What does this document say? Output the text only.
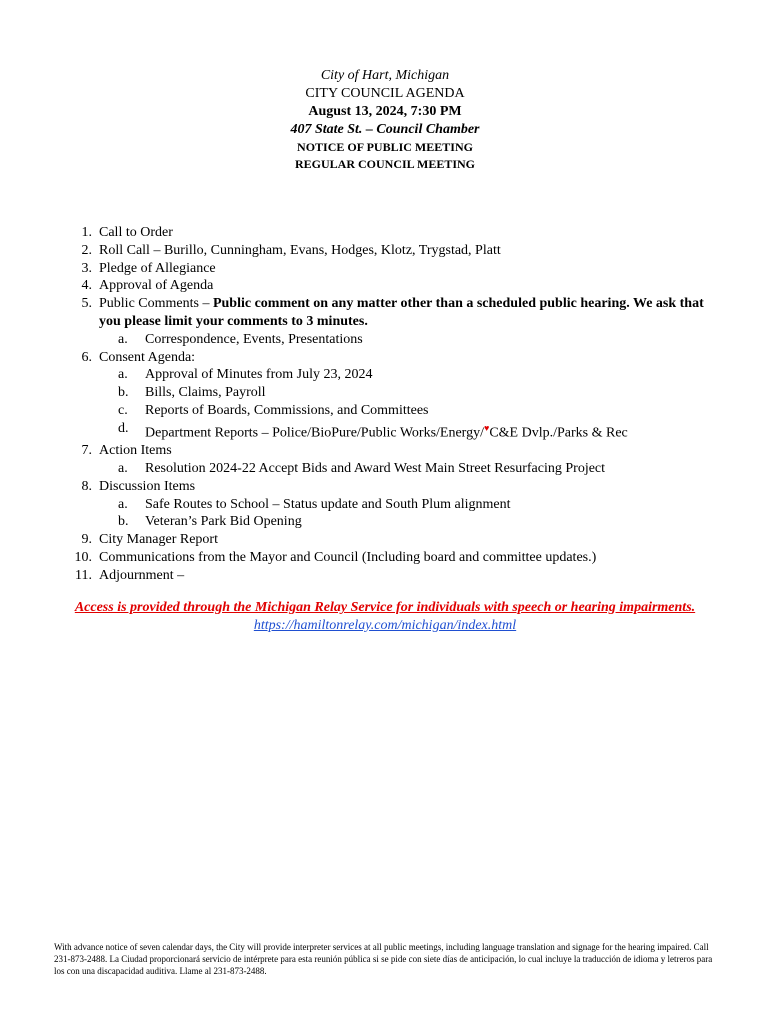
City of Hart, Michigan
CITY COUNCIL AGENDA
August 13, 2024, 7:30 PM
407 State St. – Council Chamber
NOTICE OF PUBLIC MEETING
REGULAR COUNCIL MEETING
1. Call to Order
2. Roll Call – Burillo, Cunningham, Evans, Hodges, Klotz, Trygstad, Platt
3. Pledge of Allegiance
4. Approval of Agenda
5. Public Comments – Public comment on any matter other than a scheduled public hearing. We ask that you please limit your comments to 3 minutes.
a.	Correspondence, Events, Presentations
6. Consent Agenda:
a.	Approval of Minutes from July 23, 2024
b.	Bills, Claims, Payroll
c.	Reports of Boards, Commissions, and Committees
d.	Department Reports – Police/BioPure/Public Works/Energy/♥C&E Dvlp./Parks & Rec
7. Action Items
a.	Resolution 2024-22 Accept Bids and Award West Main Street Resurfacing Project
8. Discussion Items
a.	Safe Routes to School – Status update and South Plum alignment
b.	Veteran’s Park Bid Opening
9. City Manager Report
10. Communications from the Mayor and Council (Including board and committee updates.)
11. Adjournment –
Access is provided through the Michigan Relay Service for individuals with speech or hearing impairments. https://hamiltonrelay.com/michigan/index.html
With advance notice of seven calendar days, the City will provide interpreter services at all public meetings, including language translation and signage for the hearing impaired. Call 231-873-2488. La Ciudad proporcionará servicio de intérprete para esta reunión pública si se pide con siete días de anticipación, lo cual incluye la traducción de idioma y letreros para los con una discapacidad auditiva. Llame al 231-873-2488.
